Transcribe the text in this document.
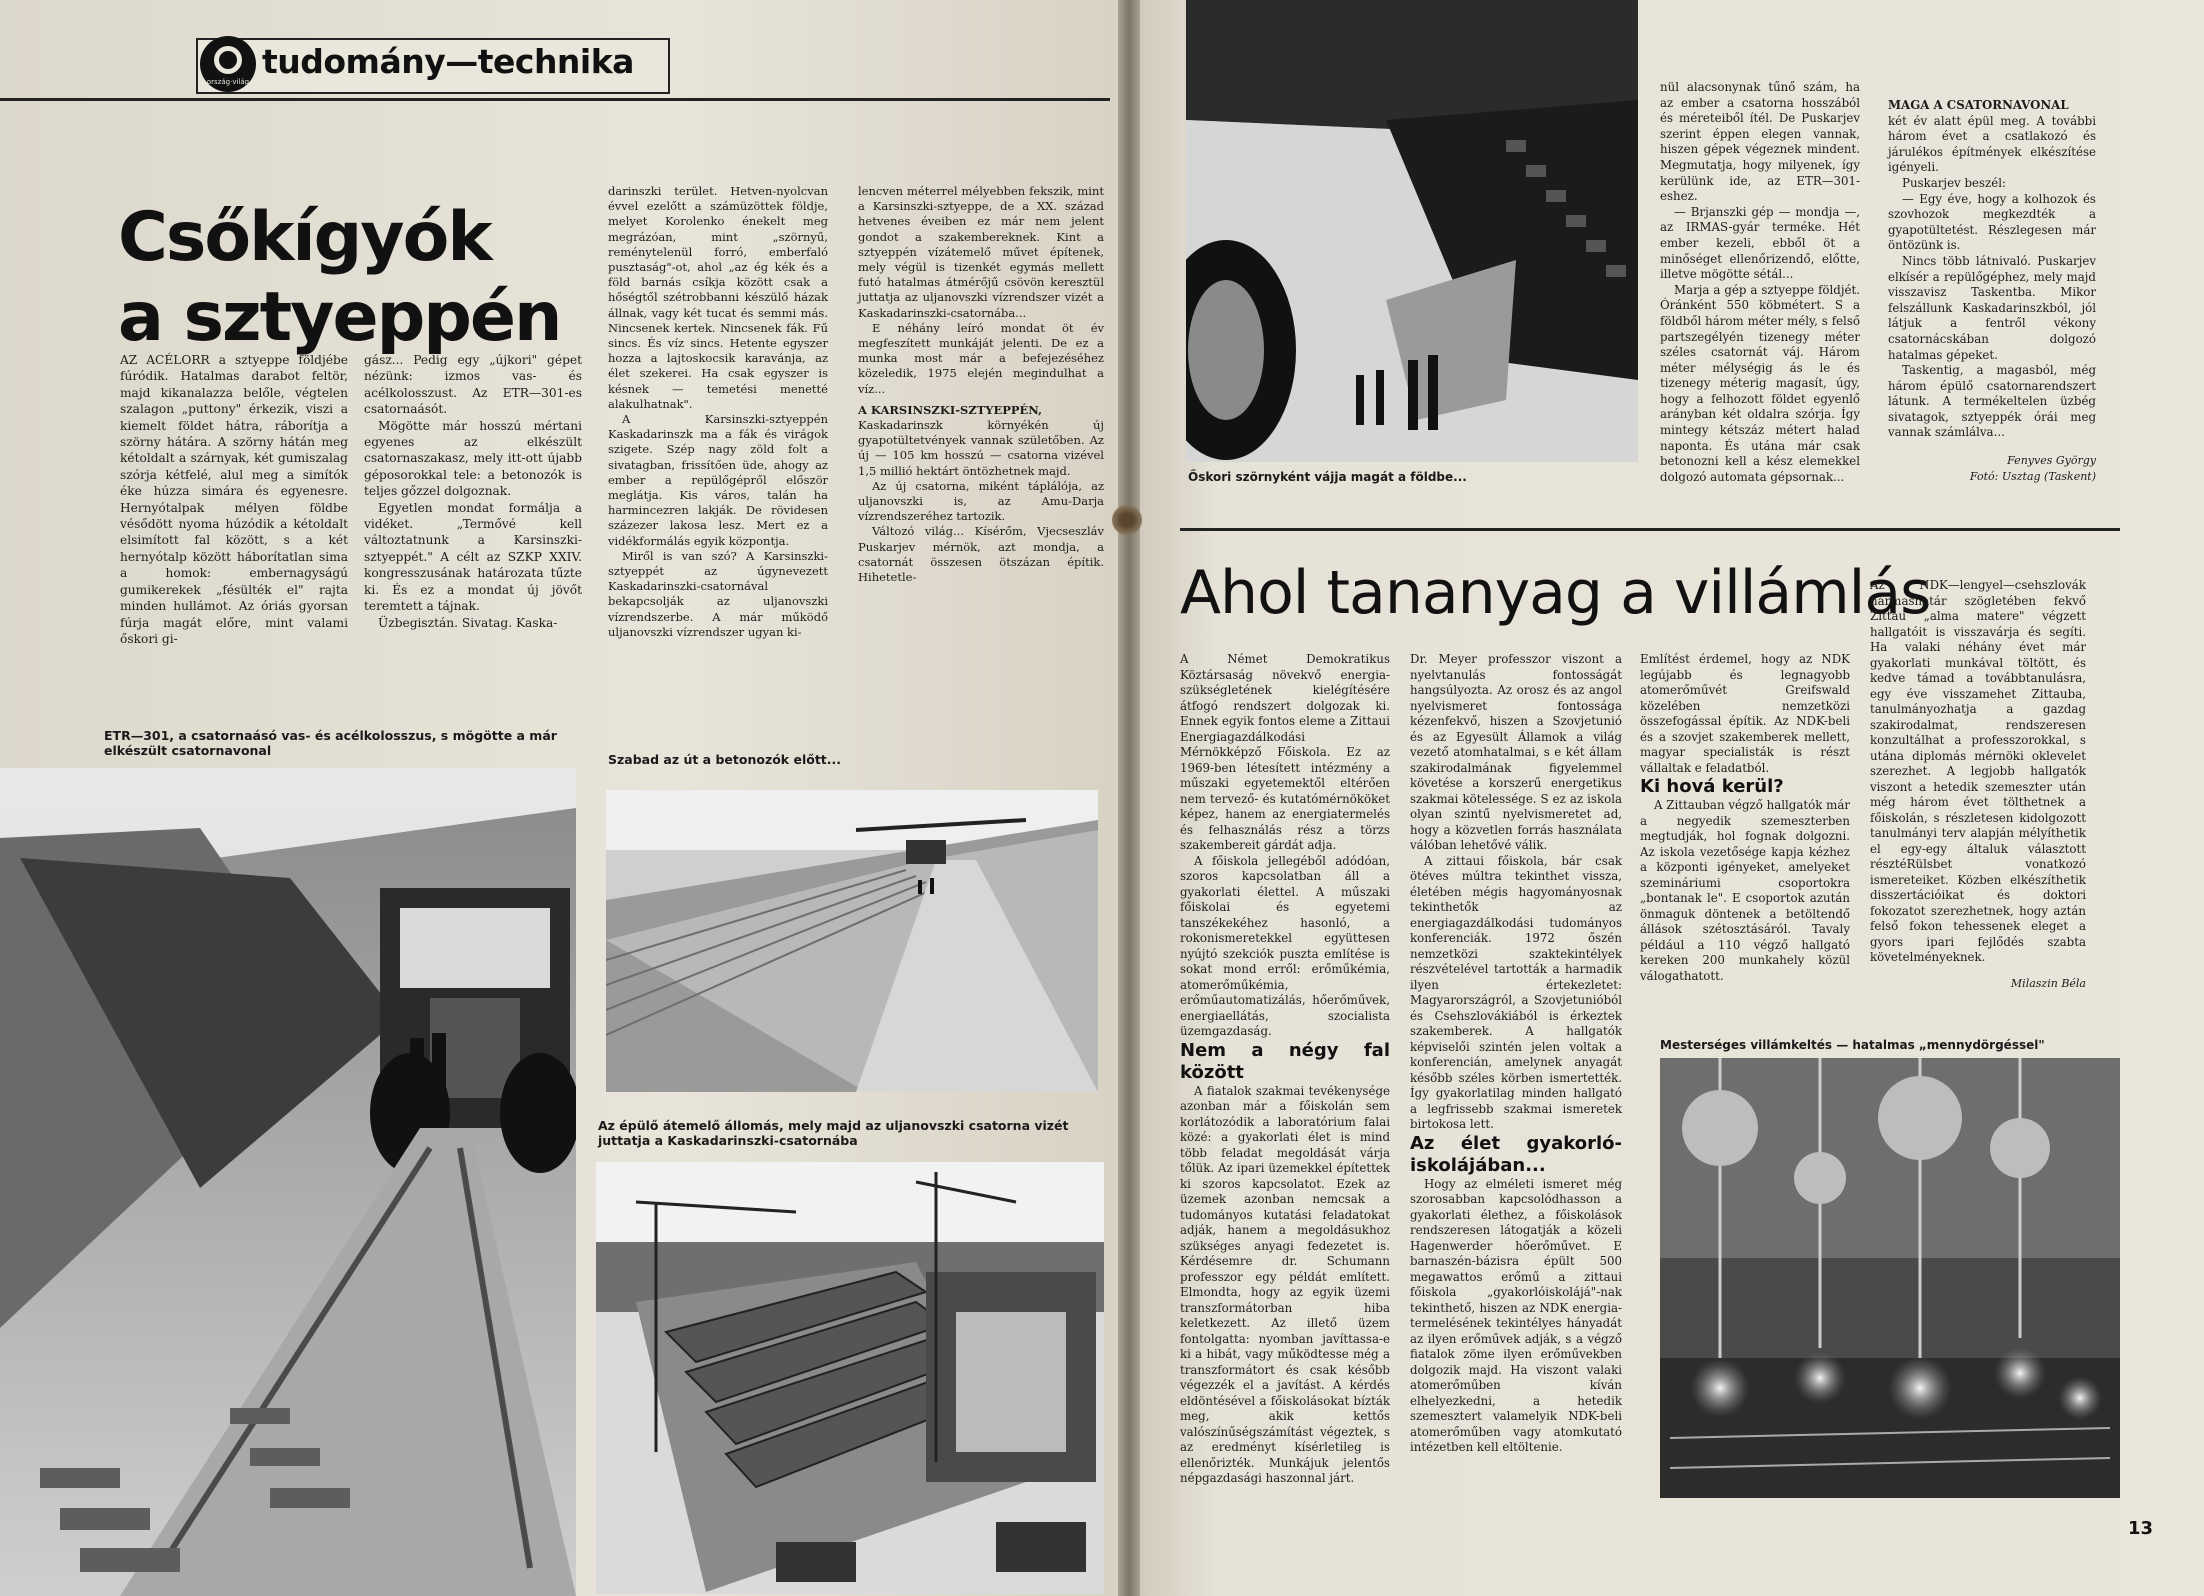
ország·világ
tudomány—technika
Csőkígyók
a sztyeppén

AZ ACÉLORR a sztyeppe földjébe fúródik. Hatalmas darabot feltör, majd kikanalazza belőle, végtelen szalagon „puttony" érkezik, viszi a kiemelt földet hátra, ráborítja a szörny hátára. A szörny hátán meg kétoldalt a szárnyak, két gumiszalag szórja kétfelé, alul meg a simítók éke húzza simára és egyenesre. Hernyótalpak mélyen földbe vésődött nyoma húzódik a kétoldalt elsimított fal között, s a két hernyótalp között háborítatlan sima a homok: embernagyságú gumikerekek „fésülték el" rajta minden hullámot. Az óriás gyorsan fúrja magát előre, mint valami őskori gi-

gász... Pedig egy „újkori" gépet nézünk: izmos vas- és acélkolosszust. Az ETR—301-es csatornaásót.

Mögötte már hosszú mértani egyenes az elkészült csatornaszakasz, mely itt-ott újabb géposorokkal tele: a betonozók is teljes gőzzel dolgoznak.

Egyetlen mondat formálja a vidéket. „Termővé kell változtatnunk a Karsinszki-sztyeppét." A célt az SZKP XXIV. kongresszusának határozata tűzte ki. És ez a mondat új jövőt teremtett a tájnak.

Üzbegisztán. Sivatag. Kaska-

darinszki terület. Hetven-nyolcvan évvel ezelőtt a számüzöttek földje, melyet Korolenko énekelt meg megrázóan, mint „szörnyű, reménytelenül forró, emberfaló pusztaság"-ot, ahol „az ég kék és a föld barnás csíkja között csak a hőségtől szétrobbanni készülő házak állnak, vagy két tucat és semmi más. Nincsenek kertek. Nincsenek fák. Fű sincs. És víz sincs. Hetente egyszer hozza a lajtoskocsik karavánja, az élet szekerei. Ha csak egyszer is késnek — temetési menetté alakulhatnak".

A Karsinszki-sztyeppén Kaskadarinszk ma a fák és virágok szigete. Szép nagy zöld folt a sivatagban, frissítően üde, ahogy az ember a repülőgépről először meglátja. Kis város, talán ha harmincezren lakják. De rövidesen százezer lakosa lesz. Mert ez a vidékformálás egyik központja.

Miről is van szó? A Karsinszki-sztyeppét az úgynevezett Kaskadarinszki-csatornával bekapcsolják az uljanovszki vízrendszerbe. A már működő uljanovszki vízrendszer ugyan ki-

lencven méterrel mélyebben fekszik, mint a Karsinszki-sztyeppe, de a XX. század hetvenes éveiben ez már nem jelent gondot a szakembereknek. Kint a sztyeppén vízátemelő művet építenek, mely végül is tizenkét egymás mellett futó hatalmas átmérőjű csövön keresztül juttatja az uljanovszki vízrendszer vizét a Kaskadarinszki-csatornába...

E néhány leíró mondat öt év megfeszített munkáját jelenti. De ez a munka most már a befejezéséhez közeledik, 1975 elején megindulhat a víz...

A KARSINSZKI-SZTYEPPÉN,

Kaskadarinszk környékén új gyapotültetvények vannak születőben. Az új — 105 km hosszú — csatorna vizével 1,5 millió hektárt öntözhetnek majd.

Az új csatorna, miként táplálója, az uljanovszki is, az Amu-Darja vízrendszeréhez tartozik.

Változó világ... Kísérőm, Vjecseszláv Puskarjev mérnök, azt mondja, a csatornát összesen ötszázan építik. Hihetetle-

ETR—301, a csatornaásó vas- és acélkolosszus, s mögötte a már elkészült csatornavonal
Szabad az út a betonozók előtt...
Az épülő átemelő állomás, mely majd az uljanovszki csatorna vizét juttatja a Kaskadarinszki-csatornába
Őskori szörnyként vájja magát a földbe...

nül alacsonynak tűnő szám, ha az ember a csatorna hosszából és méreteiből ítél. De Puskarjev szerint éppen elegen vannak, hiszen gépek végeznek mindent. Megmutatja, hogy milyenek, így kerülünk ide, az ETR—301-eshez.

— Brjanszki gép — mondja —, az IRMAS-gyár terméke. Hét ember kezeli, ebből öt a minőséget ellenőrizendő, előtte, illetve mögötte sétál...

Marja a gép a sztyeppe földjét. Óránként 550 köbmétert. S a földből három méter mély, s felső partszegélyén tizenegy méter széles csatornát váj. Három méter mélységig ás le és tizenegy méterig magasít, úgy, hogy a felhozott földet egyenlő arányban két oldalra szórja. Így mintegy kétszáz métert halad naponta. És utána már csak betonozni kell a kész elemekkel dolgozó automata gépsornak...

MAGA A CSATORNAVONAL

két év alatt épül meg. A további három évet a csatlakozó és járulékos építmények elkészítése igényeli.

Puskarjev beszél:

— Egy éve, hogy a kolhozok és szovhozok megkezdték a gyapotültetést. Részlegesen már öntözünk is.

Nincs több látnivaló. Puskarjev elkísér a repülőgéphez, mely majd visszavisz Taskentba. Mikor felszállunk Kaskadarinszkból, jól látjuk a fentről vékony csatornácskában dolgozó hatalmas gépeket.

Taskentig, a magasból, még három épülő csatornarendszert látunk. A termékeltelen üzbég sivatagok, sztyeppék órái meg vannak számlálva...

Fenyves György

Fotó: Usztag (Taskent)

Ahol tananyag a villámlás

A Német Demokratikus Köztársaság növekvő energia-szükségletének kielégítésére átfogó rendszert dolgozak ki. Ennek egyik fontos eleme a Zittaui Energiagazdálkodási Mérnökképző Főiskola. Ez az 1969-ben létesített intézmény a műszaki egyetemektől eltérően nem tervező- és kutatómérnököket képez, hanem az energiatermelés és felhasználás rész a törzs szakembereit gárdát adja.

A főiskola jellegéből adódóan, szoros kapcsolatban áll a gyakorlati élettel. A műszaki főiskolai és egyetemi tanszékekéhez hasonló, a rokonismeretekkel együttesen nyújtó szekciók puszta említése is sokat mond erről: erőműkémia, atomerőműkémia, erőműautomatizálás, hőerőművek, energiaellátás, szocialista üzemgazdaság.

Nem a négy fal között

A fiatalok szakmai tevékenysége azonban már a főiskolán sem korlátozódik a laboratórium falai közé: a gyakorlati élet is mind több feladat megoldását várja tőlük. Az ipari üzemekkel építettek ki szoros kapcsolatot. Ezek az üzemek azonban nemcsak a tudományos kutatási feladatokat adják, hanem a megoldásukhoz szükséges anyagi fedezetet is. Kérdésemre dr. Schumann professzor egy példát említett. Elmondta, hogy az egyik üzemi transzformátorban hiba keletkezett. Az illető üzem fontolgatta: nyomban javíttassa-e ki a hibát, vagy működtesse még a transzformátort és csak később végezzék el a javítást. A kérdés eldöntésével a főiskolásokat bízták meg, akik kettős valószínűségszámítást végeztek, s az eredményt kísérletileg is ellenőrizték. Munkájuk jelentős népgazdasági haszonnal járt.

Dr. Meyer professzor viszont a nyelvtanulás fontosságát hangsúlyozta. Az orosz és az angol nyelvismeret fontossága kézenfekvő, hiszen a Szovjetunió és az Egyesült Államok a világ vezető atomhatalmai, s e két állam szakirodalmának figyelemmel követése a korszerű energetikus szakmai kötelessége. S ez az iskola olyan szintű nyelvismeretet ad, hogy a közvetlen forrás használata válóban lehetővé válik.

A zittaui főiskola, bár csak ötéves múltra tekinthet vissza, életében mégis hagyományosnak tekinthetők az energiagazdálkodási tudományos konferenciák. 1972 őszén nemzetközi szaktekintélyek részvételével tartották a harmadik ilyen értekezletet: Magyarországról, a Szovjetunióból és Csehszlovákiából is érkeztek szakemberek. A hallgatók képviselői szintén jelen voltak a konferencián, amelynek anyagát később széles körben ismertették. Így gyakorlatilag minden hallgató a legfrissebb szakmai ismeretek birtokosa lett.

Az élet gyakorló-iskolájában...

Hogy az elméleti ismeret még szorosabban kapcsolódhasson a gyakorlati élethez, a főiskolások rendszeresen látogatják a közeli Hagenwerder hőerőművet. E barnaszén-bázisra épült 500 megawattos erőmű a zittaui főiskola „gyakorlóiskolájá"-nak tekinthető, hiszen az NDK energia-termelésének tekintélyes hányadát az ilyen erőművek adják, s a végző fiatalok zöme ilyen erőművekben dolgozik majd. Ha viszont valaki atomerőműben kíván elhelyezkedni, a hetedik szemesztert valamelyik NDK-beli atomerőműben vagy atomkutató intézetben kell eltöltenie.

Említést érdemel, hogy az NDK legújabb és legnagyobb atomerőművét Greifswald közelében nemzetközi összefogással építik. Az NDK-beli és a szovjet szakemberek mellett, magyar specialisták is részt vállaltak e feladatból.

Ki hová kerül?

A Zittauban végző hallgatók már a negyedik szemeszterben megtudják, hol fognak dolgozni. Az iskola vezetősége kapja kézhez a központi igényeket, amelyeket szemináriumi csoportokra „bontanak le". E csoportok azután önmaguk döntenek a betöltendő állások szétosztásáról. Tavaly például a 110 végző hallgató kereken 200 munkahely közül válogathatott.

Az NDK—lengyel—csehszlovák hármashatár szögletében fekvő Zittau „alma matere" végzett hallgatóit is visszavárja és segíti. Ha valaki néhány évet már gyakorlati munkával töltött, és kedve támad a továbbtanulásra, egy éve visszamehet Zittauba, tanulmányozhatja a gazdag szakirodalmat, rendszeresen konzultálhat a professzorokkal, s utána diplomás mérnöki oklevelet szerezhet. A legjobb hallgatók viszont a hetedik szemeszter után még három évet tölthetnek a főiskolán, s részletesen kidolgozott tanulmányi terv alapján mélyíthetik el egy-egy általuk választott résztéRülsbet vonatkozó ismereteiket. Közben elkészíthetik disszertációikat és doktori fokozatot szerezhetnek, hogy aztán felső fokon tehessenek eleget a gyors ipari fejlődés szabta követelményeknek.

Milaszin Béla

Mesterséges villámkeltés — hatalmas „mennydörgéssel"
13
